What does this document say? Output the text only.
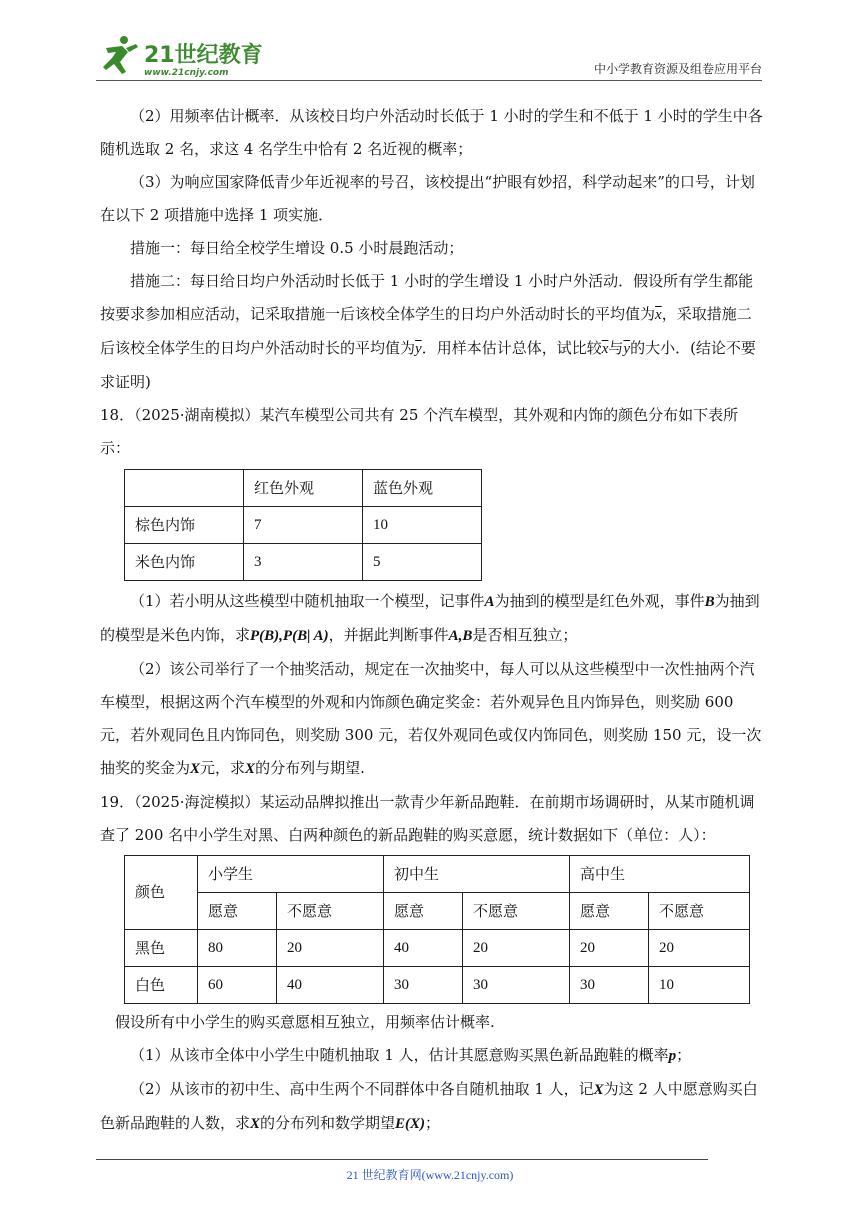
21世纪教育
www.21cnjy.com	中小学教育资源及组卷应用平台

（2）用频率估计概率．从该校日均户外活动时长低于 1 小时的学生和不低于 1 小时的学生中各随机选取 2 名，求这 4 名学生中恰有 2 名近视的概率；

（3）为响应国家降低青少年近视率的号召，该校提出“护眼有妙招，科学动起来”的口号，计划在以下 2 项措施中选择 1 项实施．

措施一：每日给全校学生增设 0.5 小时晨跑活动；

措施二：每日给日均户外活动时长低于 1 小时的学生增设 1 小时户外活动．假设所有学生都能按要求参加相应活动，记采取措施一后该校全体学生的日均户外活动时长的平均值为$\overline{x}$，采取措施二后该校全体学生的日均户外活动时长的平均值为$\overline{y}$．用样本估计总体，试比较$\overline{x}$与$\overline{y}$的大小．(结论不要求证明)

18．（2025·湖南模拟）某汽车模型公司共有 25 个汽车模型，其外观和内饰的颜色分布如下表所示：

	红色外观	蓝色外观
棕色内饰	7	10
米色内饰	3	5

（1）若小明从这些模型中随机抽取一个模型，记事件A为抽到的模型是红色外观，事件B为抽到的模型是米色内饰，求P(B),P(B| A)，并据此判断事件A,B是否相互独立；

（2）该公司举行了一个抽奖活动，规定在一次抽奖中，每人可以从这些模型中一次性抽两个汽车模型，根据这两个汽车模型的外观和内饰颜色确定奖金：若外观异色且内饰异色，则奖励 600 元，若外观同色且内饰同色，则奖励 300 元，若仅外观同色或仅内饰同色，则奖励 150 元，设一次抽奖的奖金为X元，求X的分布列与期望.

19．（2025·海淀模拟）某运动品牌拟推出一款青少年新品跑鞋．在前期市场调研时，从某市随机调查了 200 名中小学生对黑、白两种颜色的新品跑鞋的购买意愿，统计数据如下（单位：人）：

颜色	小学生		初中生		高中生	
	愿意	不愿意	愿意	不愿意	愿意	不愿意
黑色	80	20	40	20	20	20
白色	60	40	30	30	30	10

假设所有中小学生的购买意愿相互独立，用频率估计概率.

（1）从该市全体中小学生中随机抽取 1 人，估计其愿意购买黑色新品跑鞋的概率p；

（2）从该市的初中生、高中生两个不同群体中各自随机抽取 1 人，记X为这 2 人中愿意购买白色新品跑鞋的人数，求X的分布列和数学期望E(X)；

21 世纪教育网(www.21cnjy.com)
